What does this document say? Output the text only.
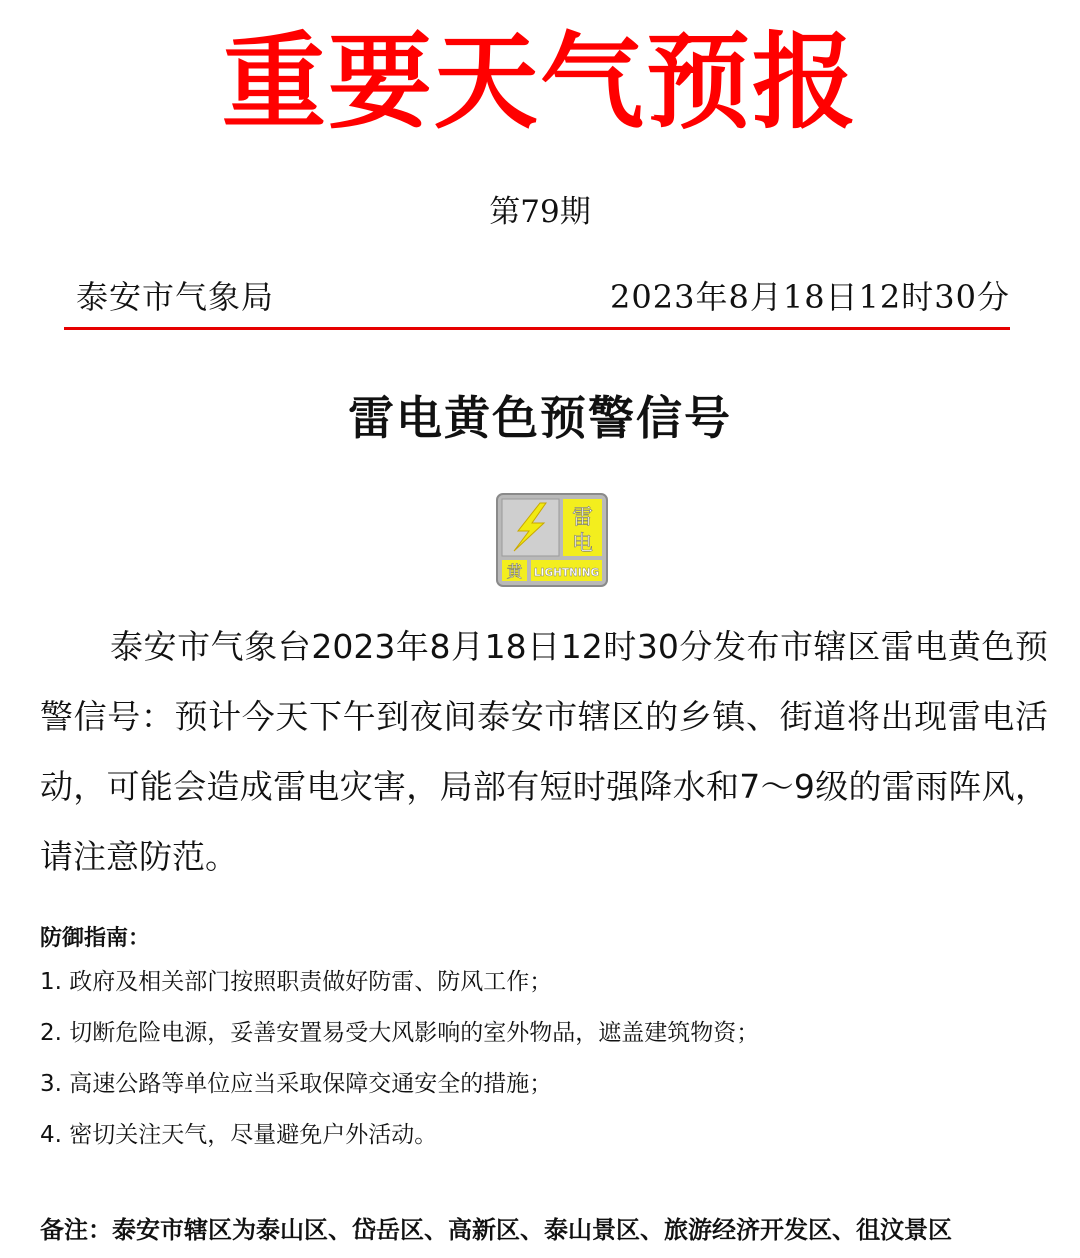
重要天气预报
第79期
泰安市气象局	2023年8月18日12时30分
雷电黄色预警信号
雷
电
黄 LIGHTNING
泰安市气象台2023年8月18日12时30分发布市辖区雷电黄色预警信号：预计今天下午到夜间泰安市辖区的乡镇、街道将出现雷电活动，可能会造成雷电灾害，局部有短时强降水和7～9级的雷雨阵风，请注意防范。
防御指南：
1. 政府及相关部门按照职责做好防雷、防风工作；
2. 切断危险电源，妥善安置易受大风影响的室外物品，遮盖建筑物资；
3. 高速公路等单位应当采取保障交通安全的措施；
4. 密切关注天气，尽量避免户外活动。
备注：泰安市辖区为泰山区、岱岳区、高新区、泰山景区、旅游经济开发区、徂汶景区
